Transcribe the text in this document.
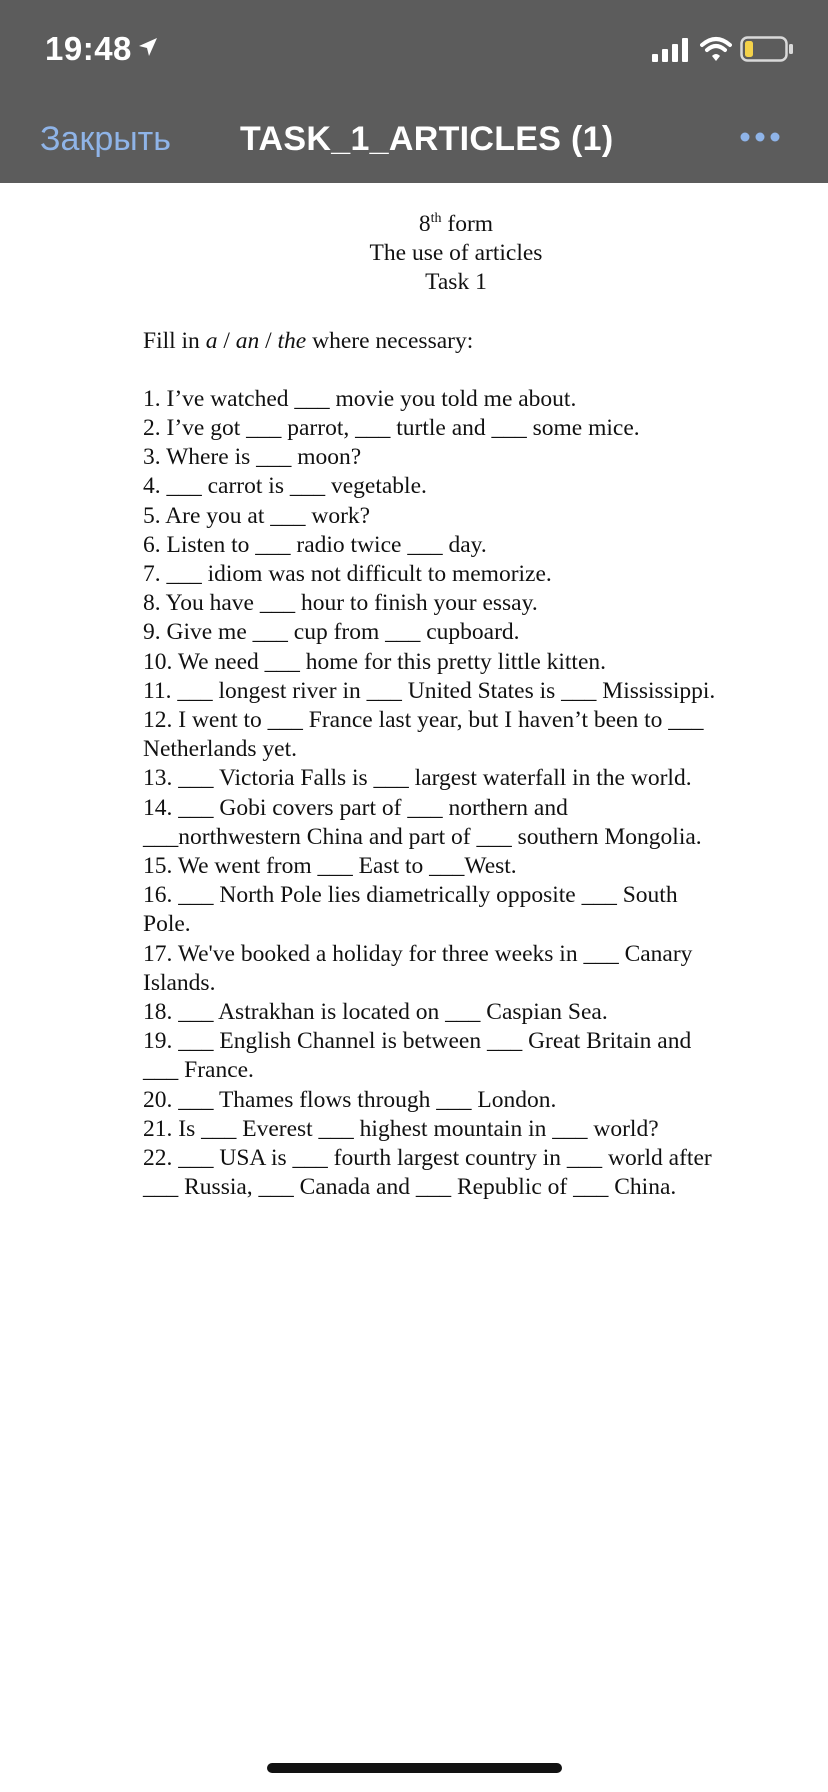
19:48
Закрыть TASK_1_ARTICLES (1)
8th form
The use of articles
Task 1
Fill in a / an / the where necessary:
1. I’ve watched ___ movie you told me about.
2. I’ve got ___ parrot, ___ turtle and ___ some mice.
3. Where is ___ moon?
4. ___ carrot is ___ vegetable.
5. Are you at ___ work?
6. Listen to ___ radio twice ___ day.
7. ___ idiom was not difficult to memorize.
8. You have ___ hour to finish your essay.
9. Give me ___ cup from ___ cupboard.
10. We need ___ home for this pretty little kitten.
11. ___ longest river in ___ United States is ___ Mississippi.
12. I went to ___ France last year, but I haven’t been to ___
Netherlands yet.
13. ___ Victoria Falls is ___ largest waterfall in the world.
14. ___ Gobi covers part of ___ northern and
___northwestern China and part of ___ southern Mongolia.
15. We went from ___ East to ___West.
16. ___ North Pole lies diametrically opposite ___ South
Pole.
17. We've booked a holiday for three weeks in ___ Canary
Islands.
18. ___ Astrakhan is located on ___ Caspian Sea.
19. ___ English Channel is between ___ Great Britain and
___ France.
20. ___ Thames flows through ___ London.
21. Is ___ Everest ___ highest mountain in ___ world?
22. ___ USA is ___ fourth largest country in ___ world after
___ Russia, ___ Canada and ___ Republic of ___ China.
